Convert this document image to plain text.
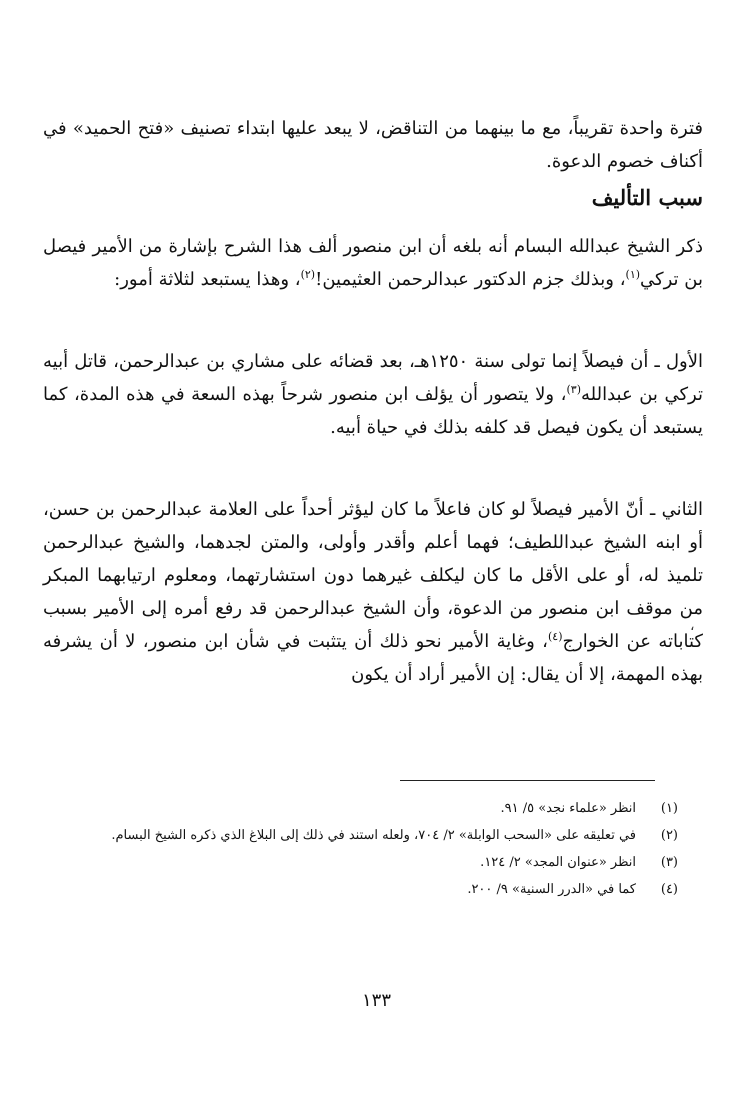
فترة واحدة تقريباً، مع ما بينهما من التناقض، لا يبعد عليها ابتداء تصنيف «فتح الحميد» في أكناف خصوم الدعوة.

سبب التأليف

ذكر الشيخ عبدالله البسام أنه بلغه أن ابن منصور ألف هذا الشرح بإشارة من الأمير فيصل بن تركي$^{(١)}$، وبذلك جزم الدكتور عبدالرحمن العثيمين!$^{(٢)}$، وهذا يستبعد لثلاثة أمور:

الأول ـ أن فيصلاً إنما تولى سنة ١٢٥٠هـ، بعد قضائه على مشاري بن عبدالرحمن، قاتل أبيه تركي بن عبدالله$^{(٣)}$، ولا يتصور أن يؤلف ابن منصور شرحاً بهذه السعة في هذه المدة، كما يستبعد أن يكون فيصل قد كلفه بذلك في حياة أبيه.

الثاني ـ أنّ الأمير فيصلاً لو كان فاعلاً ما كان ليؤثر أحداً على العلامة عبدالرحمن بن حسن، أو ابنه الشيخ عبداللطيف؛ فهما أعلم وأقدر وأولى، والمتن لجدهما، والشيخ عبدالرحمن تلميذ له، أو على الأقل ما كان ليكلف غيرهما دون استشارتهما، ومعلوم ارتيابهما المبكر من موقف ابن منصور من الدعوة، وأن الشيخ عبدالرحمن قد رفع أمره إلى الأمير بسبب كتاباته عن الخوارج$^{(٤)}$، وغاية الأمير نحو ذلك أن يتثبت في شأن ابن منصور، لا أن يشرفه بهذه المهمة، إلا أن يقال: إن الأمير أراد أن يكون

،
(١)
انظر «علماء نجد» ٥/ ٩١.
(٢)
في تعليقه على «السحب الوابلة» ٢/ ٧٠٤، ولعله استند في ذلك إلى البلاغ الذي ذكره الشيخ البسام.
(٣)
انظر «عنوان المجد» ٢/ ١٢٤.
(٤)
كما في «الدرر السنية» ٩/ ٢٠٠.
١٣٣
